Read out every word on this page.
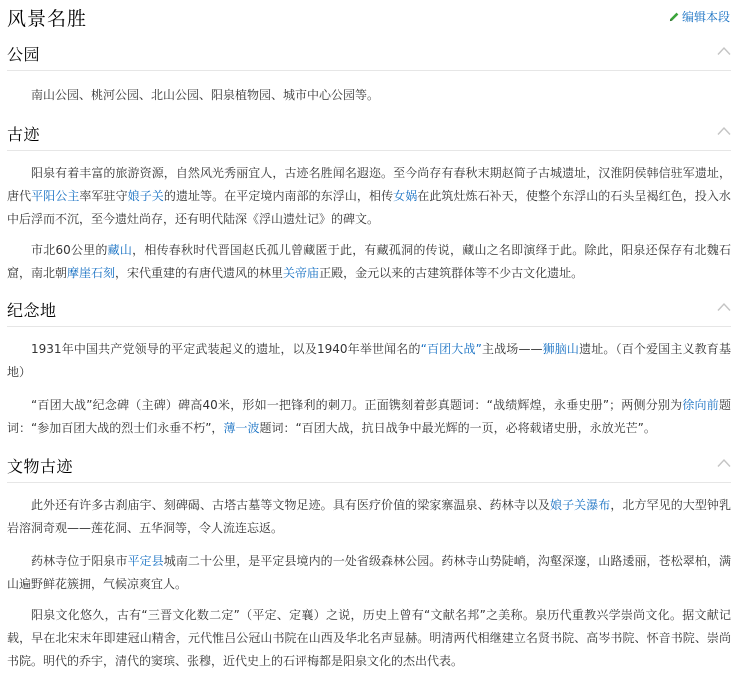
风景名胜	编辑本段
公园

南山公园、桃河公园、北山公园、阳泉植物园、城市中心公园等。

古迹

阳泉有着丰富的旅游资源，自然风光秀丽宜人，古迹名胜闻名遐迩。至今尚存有春秋末期赵简子古城遗址，汉淮阴侯韩信驻军遗址，唐代平阳公主率军驻守娘子关的遗址等。在平定境内南部的东浮山，相传女娲在此筑灶炼石补天，使整个东浮山的石头呈褐红色，投入水中后浮而不沉，至今遗灶尚存，还有明代陆深《浮山遗灶记》的碑文。

市北60公里的藏山，相传春秋时代晋国赵氏孤儿曾藏匿于此，有藏孤洞的传说，藏山之名即演绎于此。除此，阳泉还保存有北魏石窟，南北朝摩崖石刻，宋代重建的有唐代遗风的林里关帝庙正殿，金元以来的古建筑群体等不少古文化遗址。

纪念地

1931年中国共产党领导的平定武装起义的遗址，以及1940年举世闻名的“百团大战”主战场——狮脑山遗址。（百个爱国主义教育基地）

“百团大战”纪念碑（主碑）碑高40米，形如一把锋利的刺刀。正面镌刻着彭真题词：“战绩辉煌，永垂史册”；两侧分别为徐向前题词：“参加百团大战的烈士们永垂不朽”，薄一波题词：“百团大战，抗日战争中最光辉的一页，必将载诸史册，永放光芒”。

文物古迹

此外还有许多古刹庙宇、刻碑碣、古塔古墓等文物足迹。具有医疗价值的梁家寨温泉、药林寺以及娘子关瀑布，北方罕见的大型钟乳岩溶洞奇观——莲花洞、五华洞等，令人流连忘返。

药林寺位于阳泉市平定县城南二十公里，是平定县境内的一处省级森林公园。药林寺山势陡峭，沟壑深邃，山路逶丽，苍松翠柏，满山遍野鲜花簇拥，气候凉爽宜人。

阳泉文化悠久，古有“三晋文化数二定”（平定、定襄）之说，历史上曾有“文献名邦”之美称。泉历代重教兴学崇尚文化。据文献记载，早在北宋末年即建冠山精舍，元代惟吕公冠山书院在山西及华北名声显赫。明清两代相继建立名贤书院、高岑书院、怀音书院、崇尚书院。明代的乔宇，清代的窦瑸、张穆，近代史上的石评梅都是阳泉文化的杰出代表。
